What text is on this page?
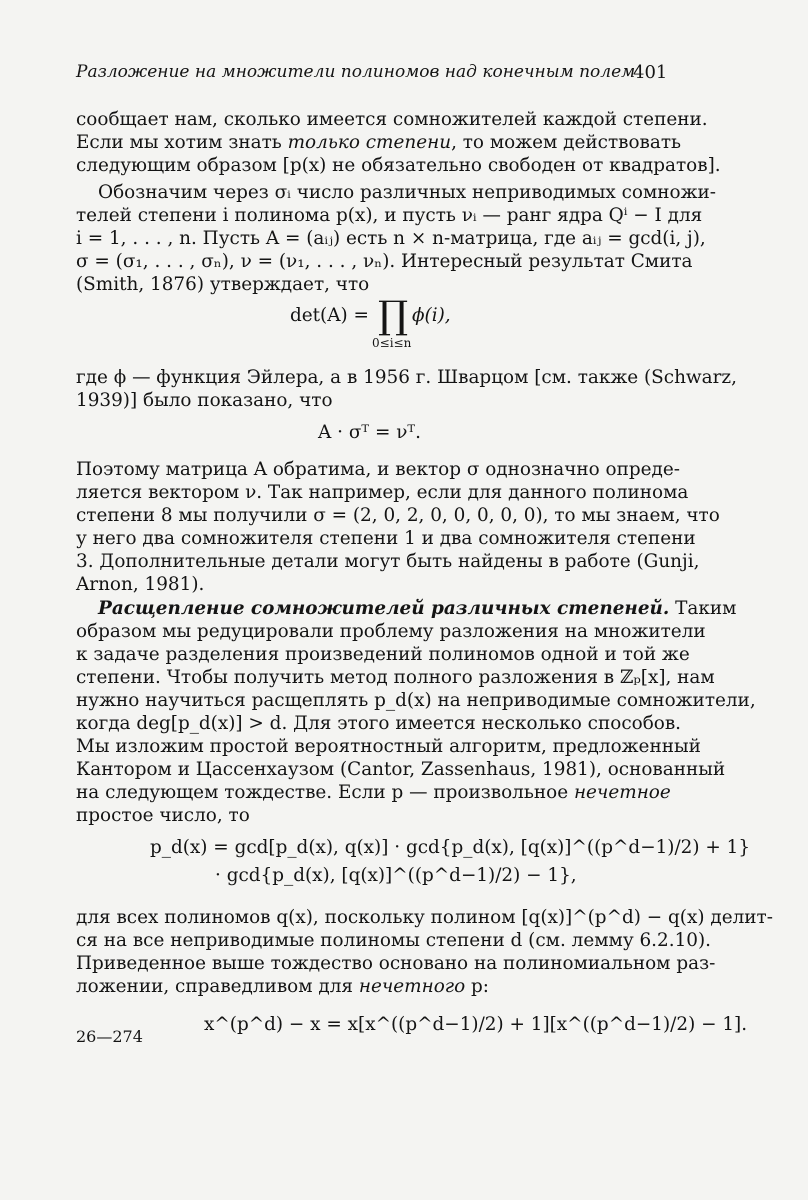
Разложение на множители полиномов над конечным полем
401
сообщает нам, сколько имеется сомножителей каждой степени.
Если мы хотим знать только степени, то можем действовать
следующим образом [p(x) не обязательно свободен от квадратов].
Обозначим через σᵢ число различных неприводимых сомножи-
телей степени i полинома p(x), и пусть νᵢ — ранг ядра Qⁱ − I для
i = 1, . . . , n. Пусть A = (aᵢⱼ) есть n × n-матрица, где aᵢⱼ = gcd(i, j),
σ = (σ₁, . . . , σₙ), ν = (ν₁, . . . , νₙ). Интересный результат Смита
(Smith, 1876) утверждает, что
det(A) = ∏ ϕ(i),
0≤i≤n
где ϕ — функция Эйлера, а в 1956 г. Шварцом [см. также (Schwarz,
1939)] было показано, что
A · σᵀ = νᵀ.
Поэтому матрица A обратима, и вектор σ однозначно опреде-
ляется вектором ν. Так например, если для данного полинома
степени 8 мы получили σ = (2, 0, 2, 0, 0, 0, 0, 0), то мы знаем, что
у него два сомножителя степени 1 и два сомножителя степени
3. Дополнительные детали могут быть найдены в работе (Gunji,
Arnon, 1981).
Расщепление сомножителей различных степеней. Таким
образом мы редуцировали проблему разложения на множители
к задаче разделения произведений полиномов одной и той же
степени. Чтобы получить метод полного разложения в ℤₚ[x], нам
нужно научиться расщеплять p_d(x) на неприводимые сомножители,
когда deg[p_d(x)] > d. Для этого имеется несколько способов.
Мы изложим простой вероятностный алгоритм, предложенный
Кантором и Цассенхаузом (Cantor, Zassenhaus, 1981), основанный
на следующем тождестве. Если p — произвольное нечетное
простое число, то
p_d(x) = gcd[p_d(x), q(x)] · gcd{p_d(x), [q(x)]^((p^d−1)/2) + 1}
· gcd{p_d(x), [q(x)]^((p^d−1)/2) − 1},
для всех полиномов q(x), поскольку полином [q(x)]^(p^d) − q(x) делит-
ся на все неприводимые полиномы степени d (см. лемму 6.2.10).
Приведенное выше тождество основано на полиномиальном раз-
ложении, справедливом для нечетного p:
x^(p^d) − x = x[x^((p^d−1)/2) + 1][x^((p^d−1)/2) − 1].
26—274
